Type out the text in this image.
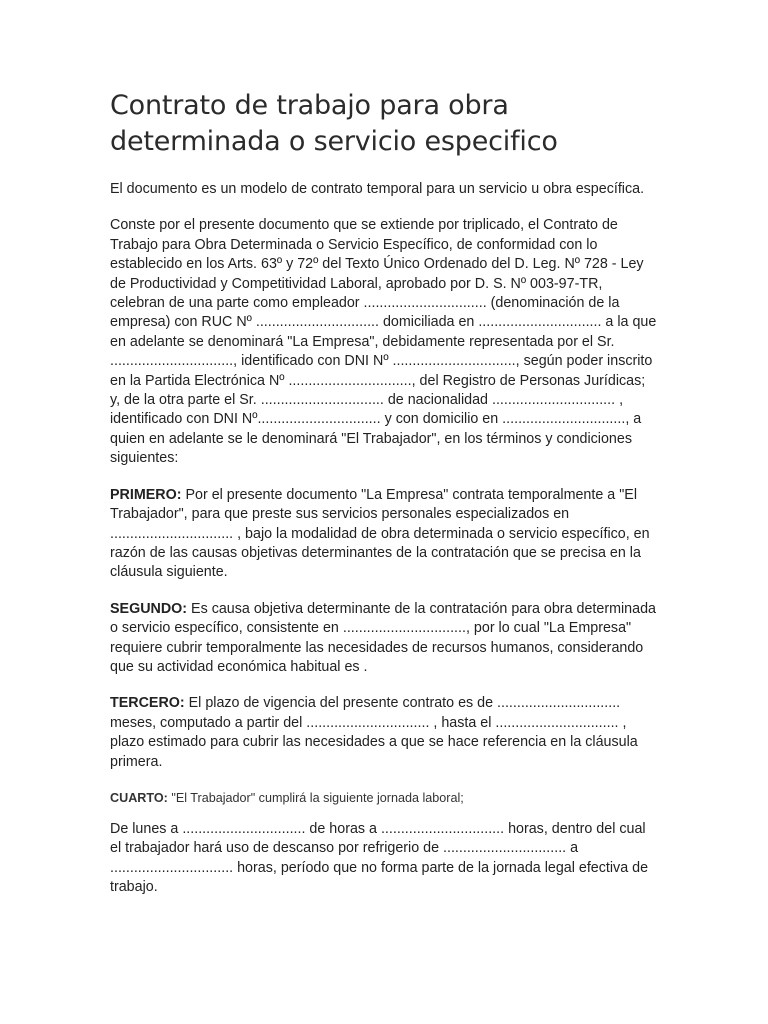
Contrato de trabajo para obra determinada o servicio especifico

El documento es un modelo de contrato temporal para un servicio u obra específica.

Conste por el presente documento que se extiende por triplicado, el Contrato de Trabajo para Obra Determinada o Servicio Específico, de conformidad con lo establecido en los Arts. 63º y 72º del Texto Único Ordenado del D. Leg. Nº 728 - Ley de Productividad y Competitividad Laboral, aprobado por D. S. Nº 003-97-TR, celebran de una parte como empleador ............................... (denominación de la empresa) con RUC Nº ............................... domiciliada en ............................... a la que en adelante se denominará "La Empresa", debidamente representada por el Sr. ..............................., identificado con DNI Nº ..............................., según poder inscrito en la Partida Electrónica Nº ..............................., del Registro de Personas Jurídicas; y, de la otra parte el Sr. ............................... de nacionalidad ............................... , identificado con DNI Nº............................... y con domicilio en ..............................., a quien en adelante se le denominará "El Trabajador", en los términos y condiciones siguientes:

PRIMERO: Por el presente documento "La Empresa" contrata temporalmente a "El Trabajador", para que preste sus servicios personales especializados en ............................... , bajo la modalidad de obra determinada o servicio específico, en razón de las causas objetivas determinantes de la contratación que se precisa en la cláusula siguiente.

SEGUNDO: Es causa objetiva determinante de la contratación para obra determinada o servicio específico, consistente en ..............................., por lo cual "La Empresa" requiere cubrir temporalmente las necesidades de recursos humanos, considerando que su actividad económica habitual es .

TERCERO: El plazo de vigencia del presente contrato es de ............................... meses, computado a partir del ............................... , hasta el ............................... , plazo estimado para cubrir las necesidades a que se hace referencia en la cláusula primera.

CUARTO: "El Trabajador" cumplirá la siguiente jornada laboral;

De lunes a ............................... de horas a ............................... horas, dentro del cual el trabajador hará uso de descanso por refrigerio de ............................... a ............................... horas, período que no forma parte de la jornada legal efectiva de trabajo.
